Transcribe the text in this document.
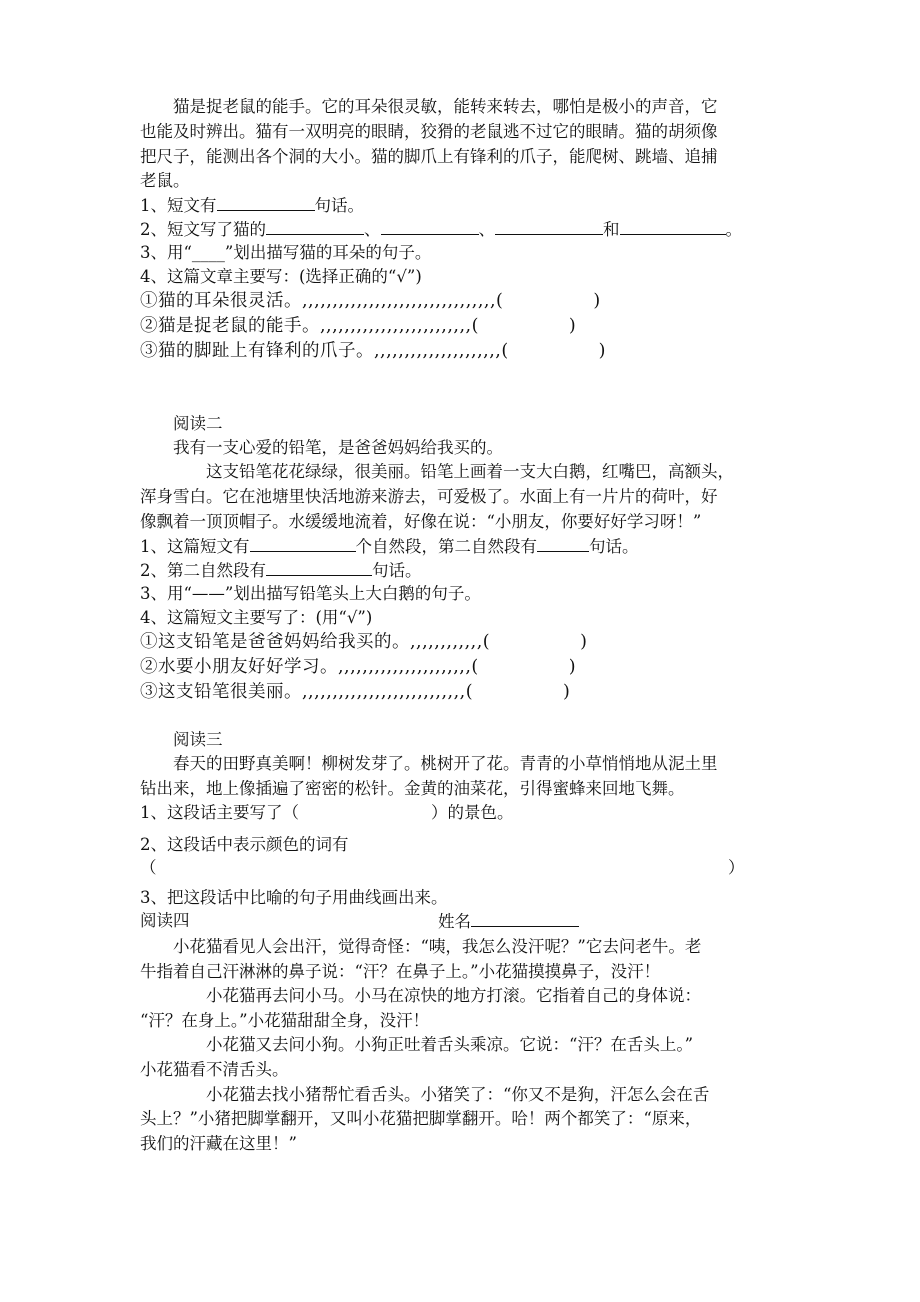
　　猫是捉老鼠的能手。它的耳朵很灵敏，能转来转去，哪怕是极小的声音，它
也能及时辨出。猫有一双明亮的眼睛，狡猾的老鼠逃不过它的眼睛。猫的胡须像
把尺子，能测出各个洞的大小。猫的脚爪上有锋利的爪子，能爬树、跳墙、追捕
老鼠。
1、短文有	句话。
2、短文写了猫的	、	、	和	。
3、用“____”划出描写猫的耳朵的句子。
4、这篇文章主要写：(选择正确的“√”)
①猫的耳朵很灵活。,,,,,,,,,,,,,,,,,,,,,,,,,,,,,,,,(　　　　　)
②猫是捉老鼠的能手。,,,,,,,,,,,,,,,,,,,,,,,,,(　　　　　)
③猫的脚趾上有锋利的爪子。,,,,,,,,,,,,,,,,,,,,,(　　　　　)
　　阅读二
　　我有一支心爱的铅笔，是爸爸妈妈给我买的。
　　　　这支铅笔花花绿绿，很美丽。铅笔上画着一支大白鹅，红嘴巴，高额头，
浑身雪白。它在池塘里快活地游来游去，可爱极了。水面上有一片片的荷叶，好
像飘着一顶顶帽子。水缓缓地流着，好像在说：“小朋友，你要好好学习呀！”
1、这篇短文有	个自然段，第二自然段有	句话。
2、第二自然段有	句话。
3、用“——”划出描写铅笔头上大白鹅的句子。
4、这篇短文主要写了：(用“√”)
①这支铅笔是爸爸妈妈给我买的。,,,,,,,,,,,,(　　　　　)
②水要小朋友好好学习。,,,,,,,,,,,,,,,,,,,,,,(　　　　　)
③这支铅笔很美丽。,,,,,,,,,,,,,,,,,,,,,,,,,,,(　　　　　)
　　阅读三
　　春天的田野真美啊！柳树发芽了。桃树开了花。青青的小草悄悄地从泥土里
钻出来，地上像插遍了密密的松针。金黄的油菜花，引得蜜蜂来回地飞舞。
1、这段话主要写了（　　　　　　　　）的景色。
2、这段话中表示颜色的词有
（	）
3、把这段话中比喻的句子用曲线画出来。
阅读四	姓名
　　小花猫看见人会出汗，觉得奇怪：“咦，我怎么没汗呢？”它去问老牛。老
牛指着自己汗淋淋的鼻子说：“汗？在鼻子上。”小花猫摸摸鼻子，没汗！
　　　　小花猫再去问小马。小马在凉快的地方打滚。它指着自己的身体说：
“汗？在身上。”小花猫甜甜全身，没汗！
　　　　小花猫又去问小狗。小狗正吐着舌头乘凉。它说：“汗？在舌头上。”
小花猫看不清舌头。
　　　　小花猫去找小猪帮忙看舌头。小猪笑了：“你又不是狗，汗怎么会在舌
头上？”小猪把脚掌翻开，又叫小花猫把脚掌翻开。哈！两个都笑了：“原来，
我们的汗藏在这里！”
